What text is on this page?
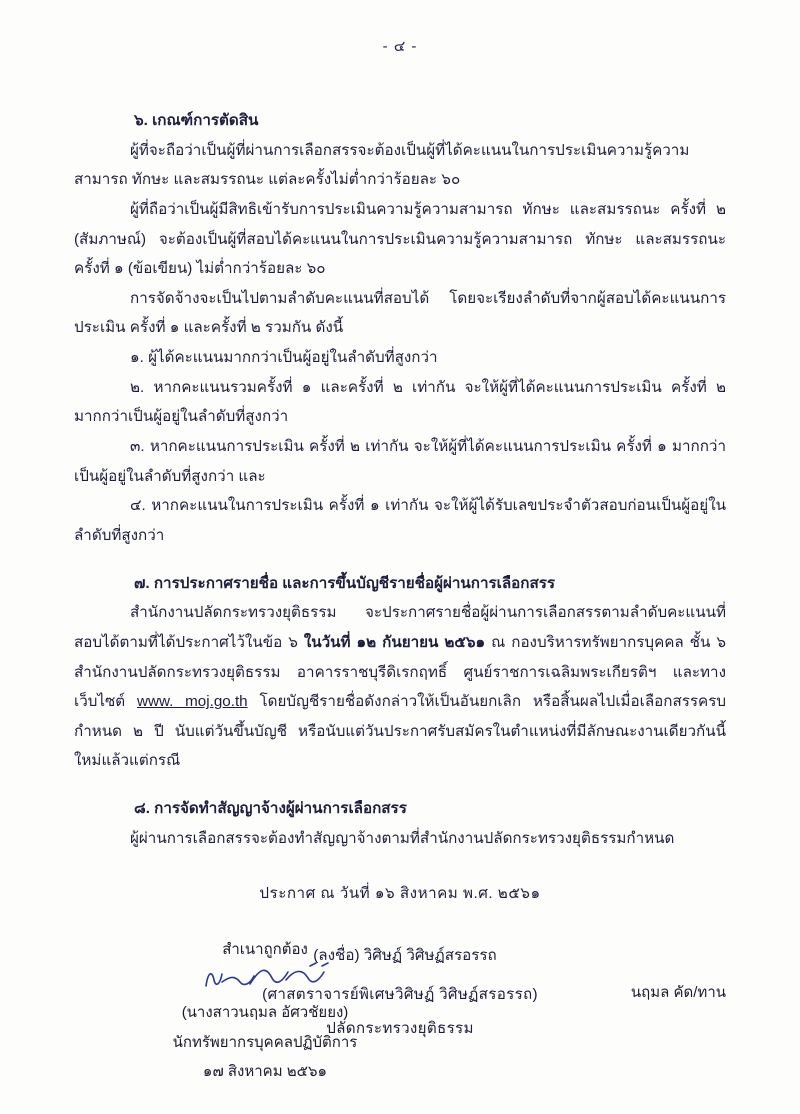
- ๔ -
๖. เกณฑ์การตัดสิน

ผู้ที่จะถือว่าเป็นผู้ที่ผ่านการเลือกสรรจะต้องเป็นผู้ที่ได้คะแนนในการประเมินความรู้ความสามารถ ทักษะ และสมรรถนะ แต่ละครั้งไม่ต่ำกว่าร้อยละ ๖๐

ผู้ที่ถือว่าเป็นผู้มีสิทธิเข้ารับการประเมินความรู้ความสามารถ ทักษะ และสมรรถนะ ครั้งที่ ๒ (สัมภาษณ์) จะต้องเป็นผู้ที่สอบได้คะแนนในการประเมินความรู้ความสามารถ ทักษะ และสมรรถนะ ครั้งที่ ๑ (ข้อเขียน) ไม่ต่ำกว่าร้อยละ ๖๐

การจัดจ้างจะเป็นไปตามลำดับคะแนนที่สอบได้ โดยจะเรียงลำดับที่จากผู้สอบได้คะแนนการประเมิน ครั้งที่ ๑ และครั้งที่ ๒ รวมกัน ดังนี้

๑. ผู้ได้คะแนนมากกว่าเป็นผู้อยู่ในลำดับที่สูงกว่า

๒. หากคะแนนรวมครั้งที่ ๑ และครั้งที่ ๒ เท่ากัน จะให้ผู้ที่ได้คะแนนการประเมิน ครั้งที่ ๒ มากกว่าเป็นผู้อยู่ในลำดับที่สูงกว่า

๓. หากคะแนนการประเมิน ครั้งที่ ๒ เท่ากัน จะให้ผู้ที่ได้คะแนนการประเมิน ครั้งที่ ๑ มากกว่าเป็นผู้อยู่ในลำดับที่สูงกว่า และ

๔. หากคะแนนในการประเมิน ครั้งที่ ๑ เท่ากัน จะให้ผู้ได้รับเลขประจำตัวสอบก่อนเป็นผู้อยู่ในลำดับที่สูงกว่า

๗. การประกาศรายชื่อ และการขึ้นบัญชีรายชื่อผู้ผ่านการเลือกสรร

สำนักงานปลัดกระทรวงยุติธรรม จะประกาศรายชื่อผู้ผ่านการเลือกสรรตามลำดับคะแนนที่สอบได้ตามที่ได้ประกาศไว้ในข้อ ๖ ในวันที่ ๑๒ กันยายน ๒๕๖๑ ณ กองบริหารทรัพยากรบุคคล ชั้น ๖ สำนักงานปลัดกระทรวงยุติธรรม อาคารราชบุรีดิเรกฤทธิ์ ศูนย์ราชการเฉลิมพระเกียรติฯ และทางเว็บไซต์ www. moj.go.th โดยบัญชีรายชื่อดังกล่าวให้เป็นอันยกเลิก หรือสิ้นผลไปเมื่อเลือกสรรครบกำหนด ๒ ปี นับแต่วันขึ้นบัญชี หรือนับแต่วันประกาศรับสมัครในตำแหน่งที่มีลักษณะงานเดียวกันนี้ใหม่แล้วแต่กรณี

๘. การจัดทำสัญญาจ้างผู้ผ่านการเลือกสรร

ผู้ผ่านการเลือกสรรจะต้องทำสัญญาจ้างตามที่สำนักงานปลัดกระทรวงยุติธรรมกำหนด

ประกาศ ณ วันที่ ๑๖ สิงหาคม พ.ศ. ๒๕๖๑
(ลงชื่อ) วิศิษฏ์ วิศิษฏ์สรอรรถ
(ศาสตราจารย์พิเศษวิศิษฏ์ วิศิษฏ์สรอรรถ)
ปลัดกระทรวงยุติธรรม
สำเนาถูกต้อง
(นางสาวนฤมล อัศวชัยยง)
นักทรัพยากรบุคคลปฏิบัติการ
๑๗ สิงหาคม ๒๕๖๑
นฤมล คัด/ทาน
